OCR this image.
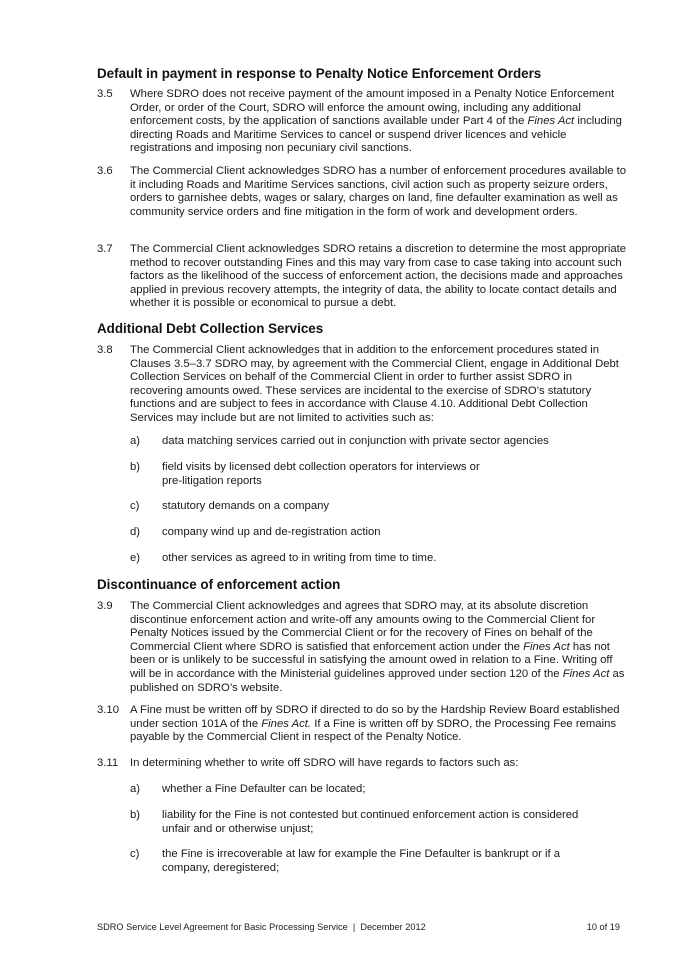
Default in payment in response to Penalty Notice Enforcement Orders
3.5 Where SDRO does not receive payment of the amount imposed in a Penalty Notice Enforcement Order, or order of the Court, SDRO will enforce the amount owing, including any additional enforcement costs, by the application of sanctions available under Part 4 of the Fines Act including directing Roads and Maritime Services to cancel or suspend driver licences and vehicle registrations and imposing non pecuniary civil sanctions.
3.6 The Commercial Client acknowledges SDRO has a number of enforcement procedures available to it including Roads and Maritime Services sanctions, civil action such as property seizure orders, orders to garnishee debts, wages or salary, charges on land, fine defaulter examination as well as community service orders and fine mitigation in the form of work and development orders.
3.7 The Commercial Client acknowledges SDRO retains a discretion to determine the most appropriate method to recover outstanding Fines and this may vary from case to case taking into account such factors as the likelihood of the success of enforcement action, the decisions made and approaches applied in previous recovery attempts, the integrity of data, the ability to locate contact details and whether it is possible or economical to pursue a debt.
Additional Debt Collection Services
3.8 The Commercial Client acknowledges that in addition to the enforcement procedures stated in Clauses 3.5–3.7 SDRO may, by agreement with the Commercial Client, engage in Additional Debt Collection Services on behalf of the Commercial Client in order to further assist SDRO in recovering amounts owed. These services are incidental to the exercise of SDRO’s statutory functions and are subject to fees in accordance with Clause 4.10. Additional Debt Collection Services may include but are not limited to activities such as:
a) data matching services carried out in conjunction with private sector agencies
b) field visits by licensed debt collection operators for interviews or pre-litigation reports
c) statutory demands on a company
d) company wind up and de-registration action
e) other services as agreed to in writing from time to time.
Discontinuance of enforcement action
3.9 The Commercial Client acknowledges and agrees that SDRO may, at its absolute discretion discontinue enforcement action and write-off any amounts owing to the Commercial Client for Penalty Notices issued by the Commercial Client or for the recovery of Fines on behalf of the Commercial Client where SDRO is satisfied that enforcement action under the Fines Act has not been or is unlikely to be successful in satisfying the amount owed in relation to a Fine. Writing off will be in accordance with the Ministerial guidelines approved under section 120 of the Fines Act as published on SDRO’s website.
3.10 A Fine must be written off by SDRO if directed to do so by the Hardship Review Board established under section 101A of the Fines Act. If a Fine is written off by SDRO, the Processing Fee remains payable by the Commercial Client in respect of the Penalty Notice.
3.11 In determining whether to write off SDRO will have regards to factors such as:
a) whether a Fine Defaulter can be located;
b) liability for the Fine is not contested but continued enforcement action is considered unfair and or otherwise unjust;
c) the Fine is irrecoverable at law for example the Fine Defaulter is bankrupt or if a company, deregistered;
SDRO Service Level Agreement for Basic Processing Service  |  December 2012	10 of 19
